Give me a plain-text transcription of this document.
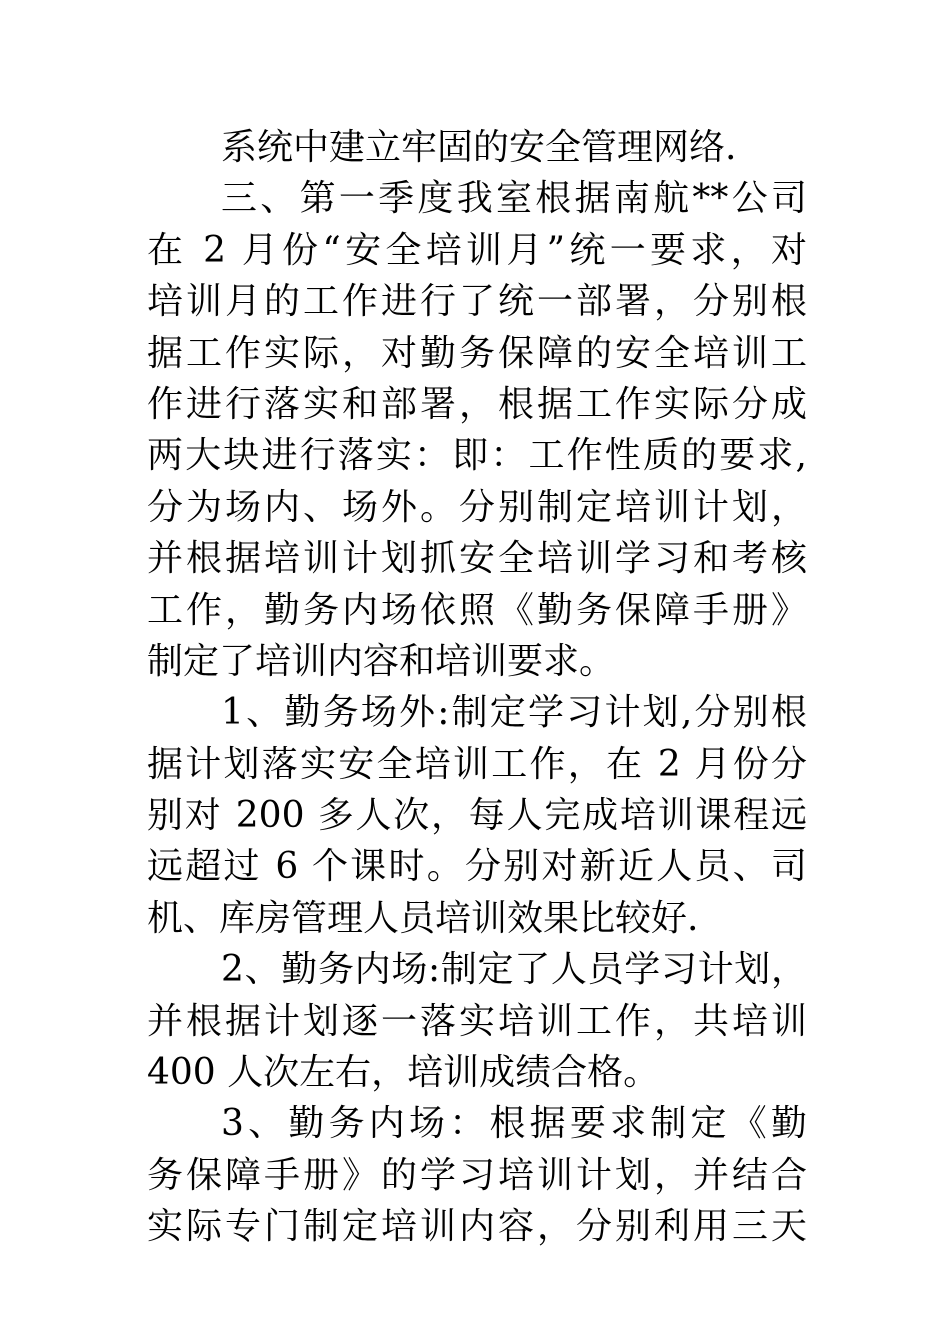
系统中建立牢固的安全管理网络.
三、第一季度我室根据南航**公司
在 2 月份“安全培训月”统一要求，对
培训月的工作进行了统一部署，分别根
据工作实际，对勤务保障的安全培训工
作进行落实和部署，根据工作实际分成
两大块进行落实：即：工作性质的要求,
分为场内、场外。分别制定培训计划，
并根据培训计划抓安全培训学习和考核
工作，勤务内场依照《勤务保障手册》
制定了培训内容和培训要求。
1、勤务场外:制定学习计划,分别根
据计划落实安全培训工作，在 2 月份分
别对 200 多人次，每人完成培训课程远
远超过 6 个课时。分别对新近人员、司
机、库房管理人员培训效果比较好.
2、勤务内场:制定了人员学习计划，
并根据计划逐一落实培训工作，共培训
400 人次左右，培训成绩合格。
3、勤务内场：根据要求制定《勤
务保障手册》的学习培训计划，并结合
实际专门制定培训内容，分别利用三天
